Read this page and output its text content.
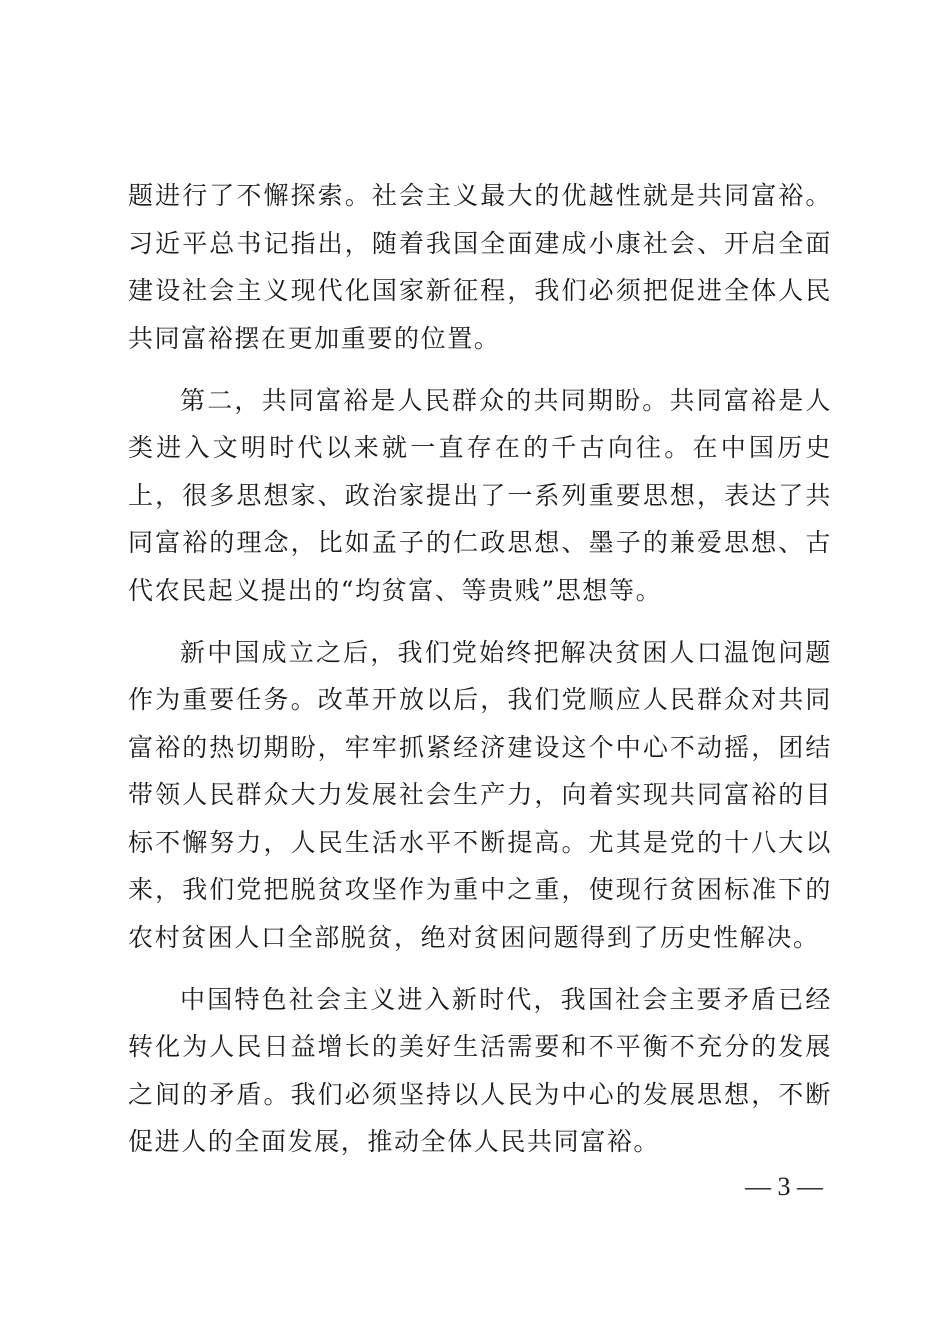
题进行了不懈探索。社会主义最大的优越性就是共同富裕。习近平总书记指出，随着我国全面建成小康社会、开启全面建设社会主义现代化国家新征程，我们必须把促进全体人民共同富裕摆在更加重要的位置。

第二，共同富裕是人民群众的共同期盼。共同富裕是人类进入文明时代以来就一直存在的千古向往。在中国历史上，很多思想家、政治家提出了一系列重要思想，表达了共同富裕的理念，比如孟子的仁政思想、墨子的兼爱思想、古代农民起义提出的“均贫富、等贵贱”思想等。

新中国成立之后，我们党始终把解决贫困人口温饱问题作为重要任务。改革开放以后，我们党顺应人民群众对共同富裕的热切期盼，牢牢抓紧经济建设这个中心不动摇，团结带领人民群众大力发展社会生产力，向着实现共同富裕的目标不懈努力，人民生活水平不断提高。尤其是党的十八大以来，我们党把脱贫攻坚作为重中之重，使现行贫困标准下的农村贫困人口全部脱贫，绝对贫困问题得到了历史性解决。

中国特色社会主义进入新时代，我国社会主要矛盾已经转化为人民日益增长的美好生活需要和不平衡不充分的发展之间的矛盾。我们必须坚持以人民为中心的发展思想，不断促进人的全面发展，推动全体人民共同富裕。

— 3 —
